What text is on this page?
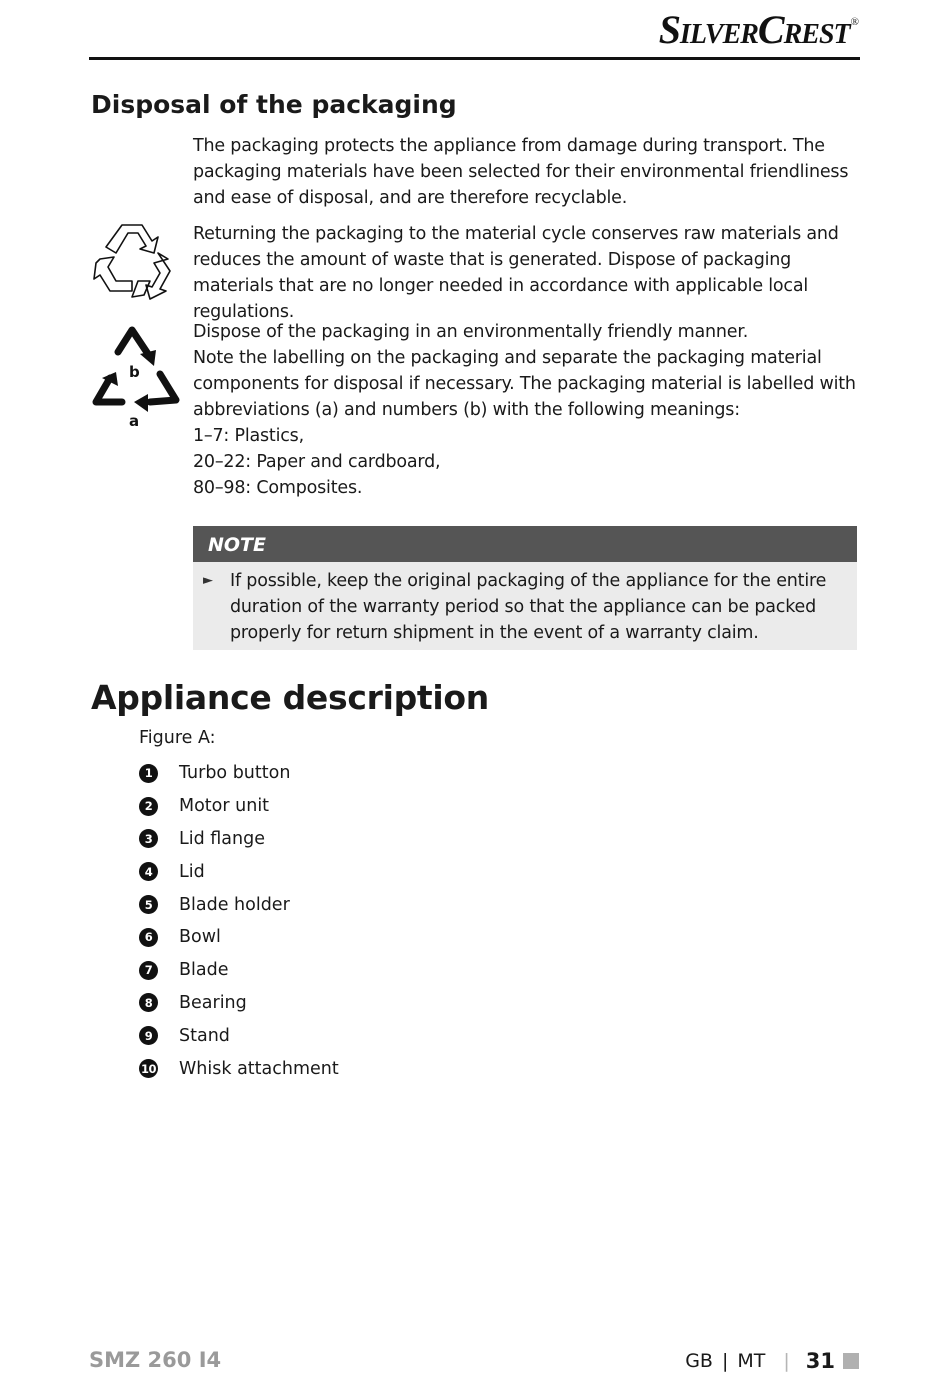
SilverCrest®
Disposal of the packaging

The packaging protects the appliance from damage during transport. The packaging materials have been selected for their environmental friendliness and ease of disposal, and are therefore recyclable.

Returning the packaging to the material cycle conserves raw materials and reduces the amount of waste that is generated. Dispose of packaging materials that are no longer needed in accordance with applicable local regulations.

b
a
Dispose of the packaging in an environmentally friendly manner.
Note the labelling on the packaging and separate the packaging material components for disposal if necessary. The packaging material is labelled with abbreviations (a) and numbers (b) with the following meanings:
1–7: Plastics,
20–22: Paper and cardboard,
80–98: Composites.
NOTE
► If possible, keep the original packaging of the appliance for the entire duration of the warranty period so that the appliance can be packed properly for return shipment in the event of a warranty claim.

Appliance description
Figure A:
1	Turbo button
2	Motor unit
3	Lid flange
4	Lid
5	Blade holder
6	Bowl
7	Blade
8	Bearing
9	Stand
10 Whisk attachment
SMZ 260 I4	GB | MT | 31
